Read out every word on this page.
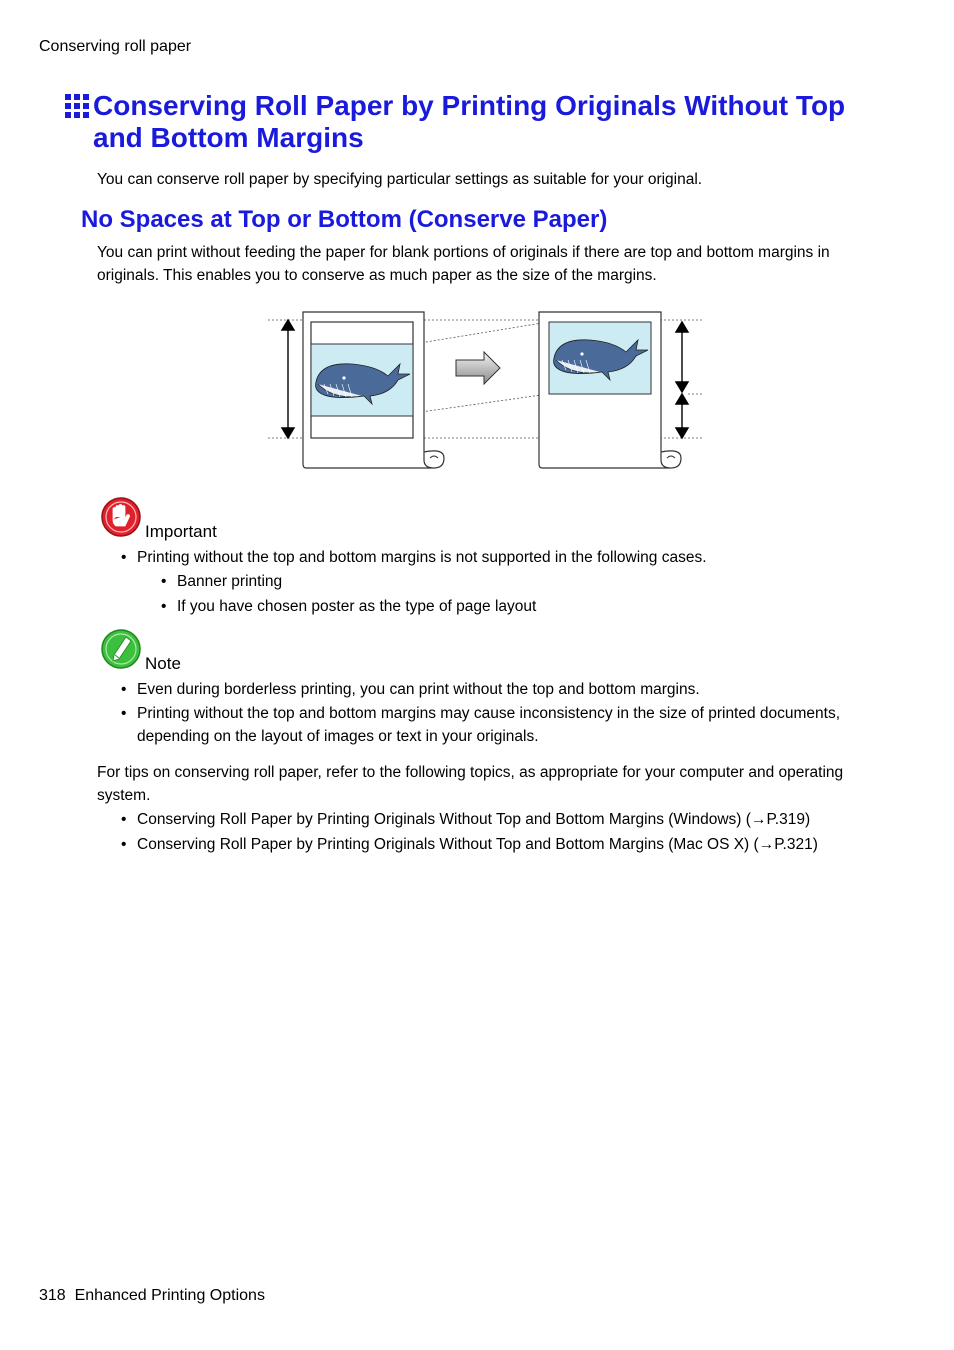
Conserving roll paper
Conserving Roll Paper by Printing Originals Without Top and Bottom Margins
You can conserve roll paper by specifying particular settings as suitable for your original.
No Spaces at Top or Bottom (Conserve Paper)
You can print without feeding the paper for blank portions of originals if there are top and bottom margins in originals. This enables you to conserve as much paper as the size of the margins.
Important
• Printing without the top and bottom margins is not supported in the following cases.
• Banner printing
• If you have chosen poster as the type of page layout
Note
• Even during borderless printing, you can print without the top and bottom margins.
• Printing without the top and bottom margins may cause inconsistency in the size of printed documents, depending on the layout of images or text in your originals.
For tips on conserving roll paper, refer to the following topics, as appropriate for your computer and operating system.
• Conserving Roll Paper by Printing Originals Without Top and Bottom Margins (Windows) (→P.319)
• Conserving Roll Paper by Printing Originals Without Top and Bottom Margins (Mac OS X) (→P.321)
318 Enhanced Printing Options
